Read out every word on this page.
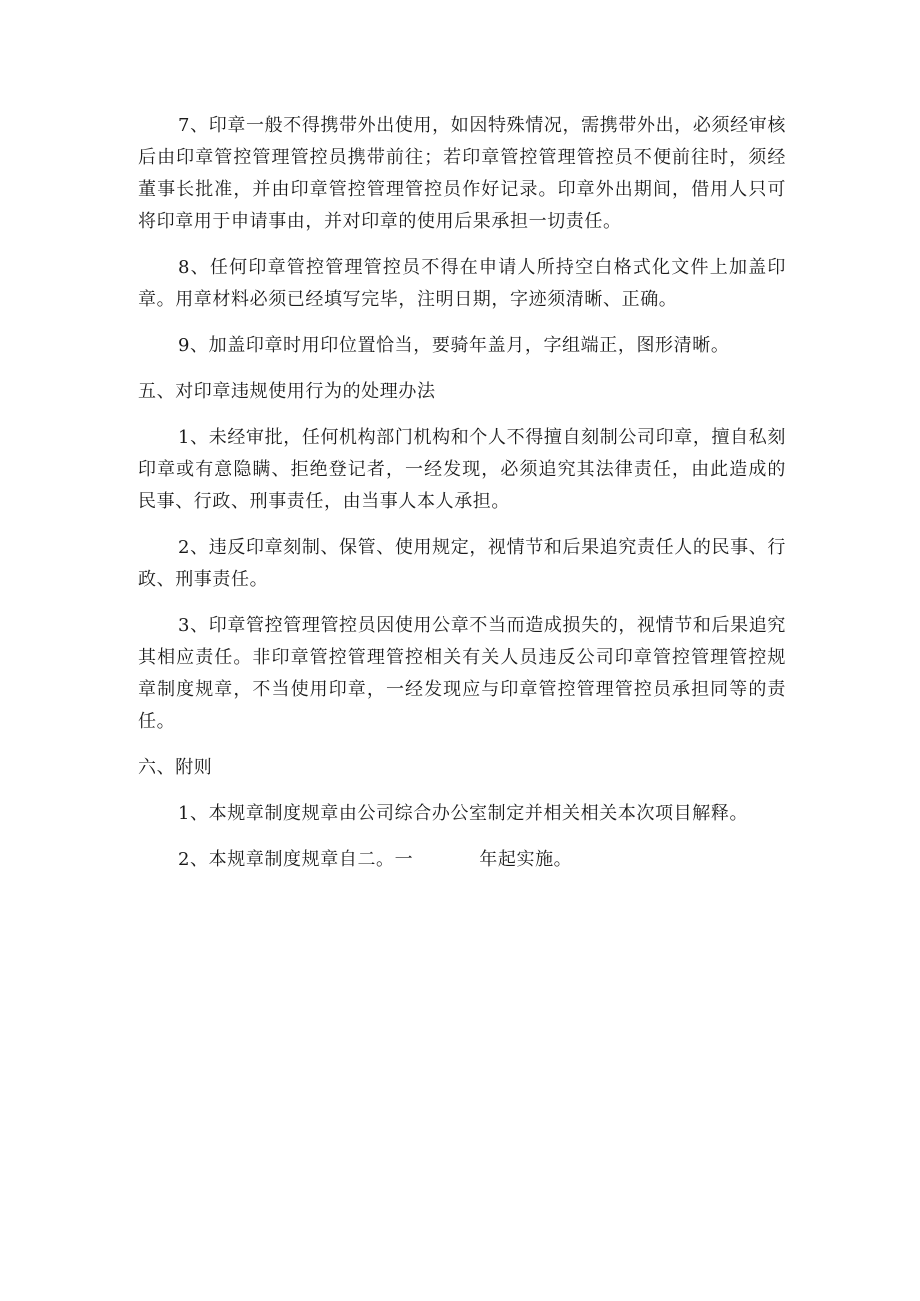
7、印章一般不得携带外出使用，如因特殊情况，需携带外出，必须经审核后由印章管控管理管控员携带前往；若印章管控管理管控员不便前往时，须经董事长批准，并由印章管控管理管控员作好记录。印章外出期间，借用人只可将印章用于申请事由，并对印章的使用后果承担一切责任。

8、任何印章管控管理管控员不得在申请人所持空白格式化文件上加盖印章。用章材料必须已经填写完毕，注明日期，字迹须清晰、正确。

9、加盖印章时用印位置恰当，要骑年盖月，字组端正，图形清晰。

五、对印章违规使用行为的处理办法

1、未经审批，任何机构部门机构和个人不得擅自刻制公司印章，擅自私刻印章或有意隐瞒、拒绝登记者，一经发现，必须追究其法律责任，由此造成的民事、行政、刑事责任，由当事人本人承担。

2、违反印章刻制、保管、使用规定，视情节和后果追究责任人的民事、行政、刑事责任。

3、印章管控管理管控员因使用公章不当而造成损失的，视情节和后果追究其相应责任。非印章管控管理管控相关有关人员违反公司印章管控管理管控规章制度规章，不当使用印章，一经发现应与印章管控管理管控员承担同等的责任。

六、附则

1、本规章制度规章由公司综合办公室制定并相关相关本次项目解释。

2、本规章制度规章自二。一	年起实施。
